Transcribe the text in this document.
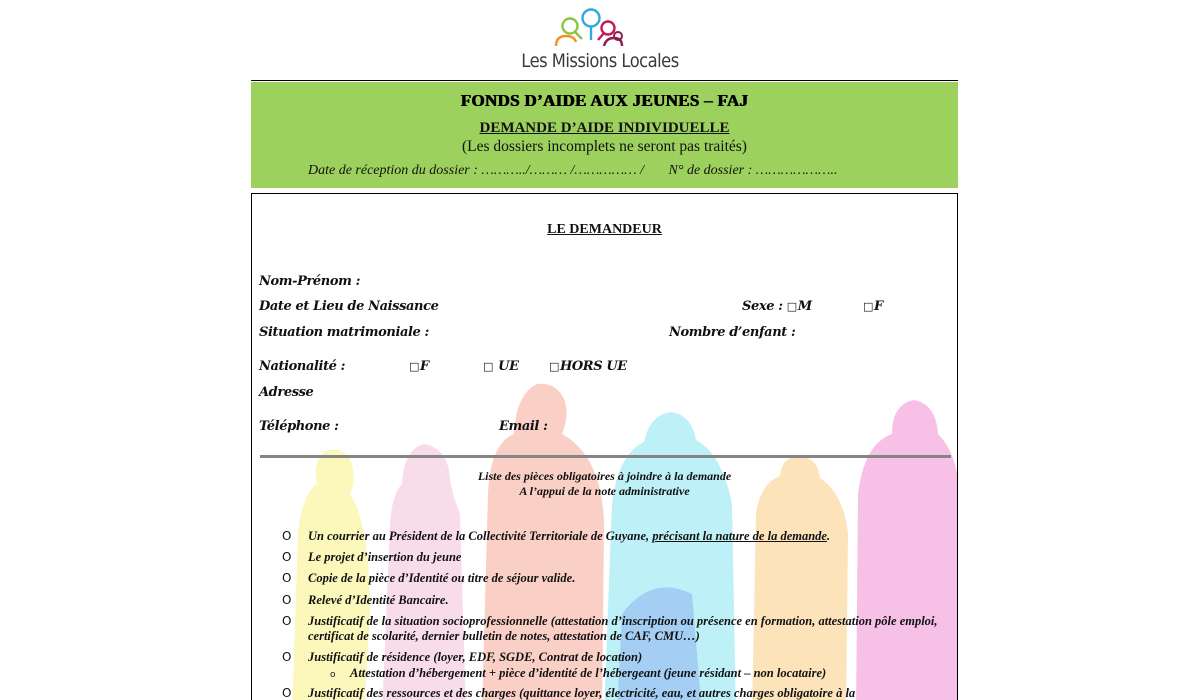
Les Missions Locales
FONDS D’AIDE AUX JEUNES – FAJ
DEMANDE D’AIDE INDIVIDUELLE
(Les dossiers incomplets ne seront pas traités)
Date de réception du dossier : ………../……… /…………… /       N° de dossier : ………………..
LE DEMANDEUR
Nom-Prénom :
Date et Lieu de Naissance	Sexe : □M	□F
Situation matrimoniale :	Nombre d’enfant :
Nationalité :	□F	□ UE	□HORS UE
Adresse
Téléphone :	Email :
Liste des pièces obligatoires à joindre à la demande
A l’appui de la note administrative
O Un courrier au Président de la Collectivité Territoriale de Guyane, précisant la nature de la demande.
O Le projet d’insertion du jeune
O Copie de la pièce d’Identité ou titre de séjour valide.
O Relevé d’Identité Bancaire.
O Justificatif de la situation socioprofessionnelle (attestation d’inscription ou présence en formation, attestation pôle emploi, certificat de scolarité, dernier bulletin de notes, attestation de CAF, CMU…)
O Justificatif de résidence (loyer, EDF, SGDE, Contrat de location)
o Attestation d’hébergement + pièce d’identité de l’hébergeant (jeune résidant – non locataire)
O Justificatif des ressources et des charges (quittance loyer, électricité, eau, et autres charges obligatoire à la
